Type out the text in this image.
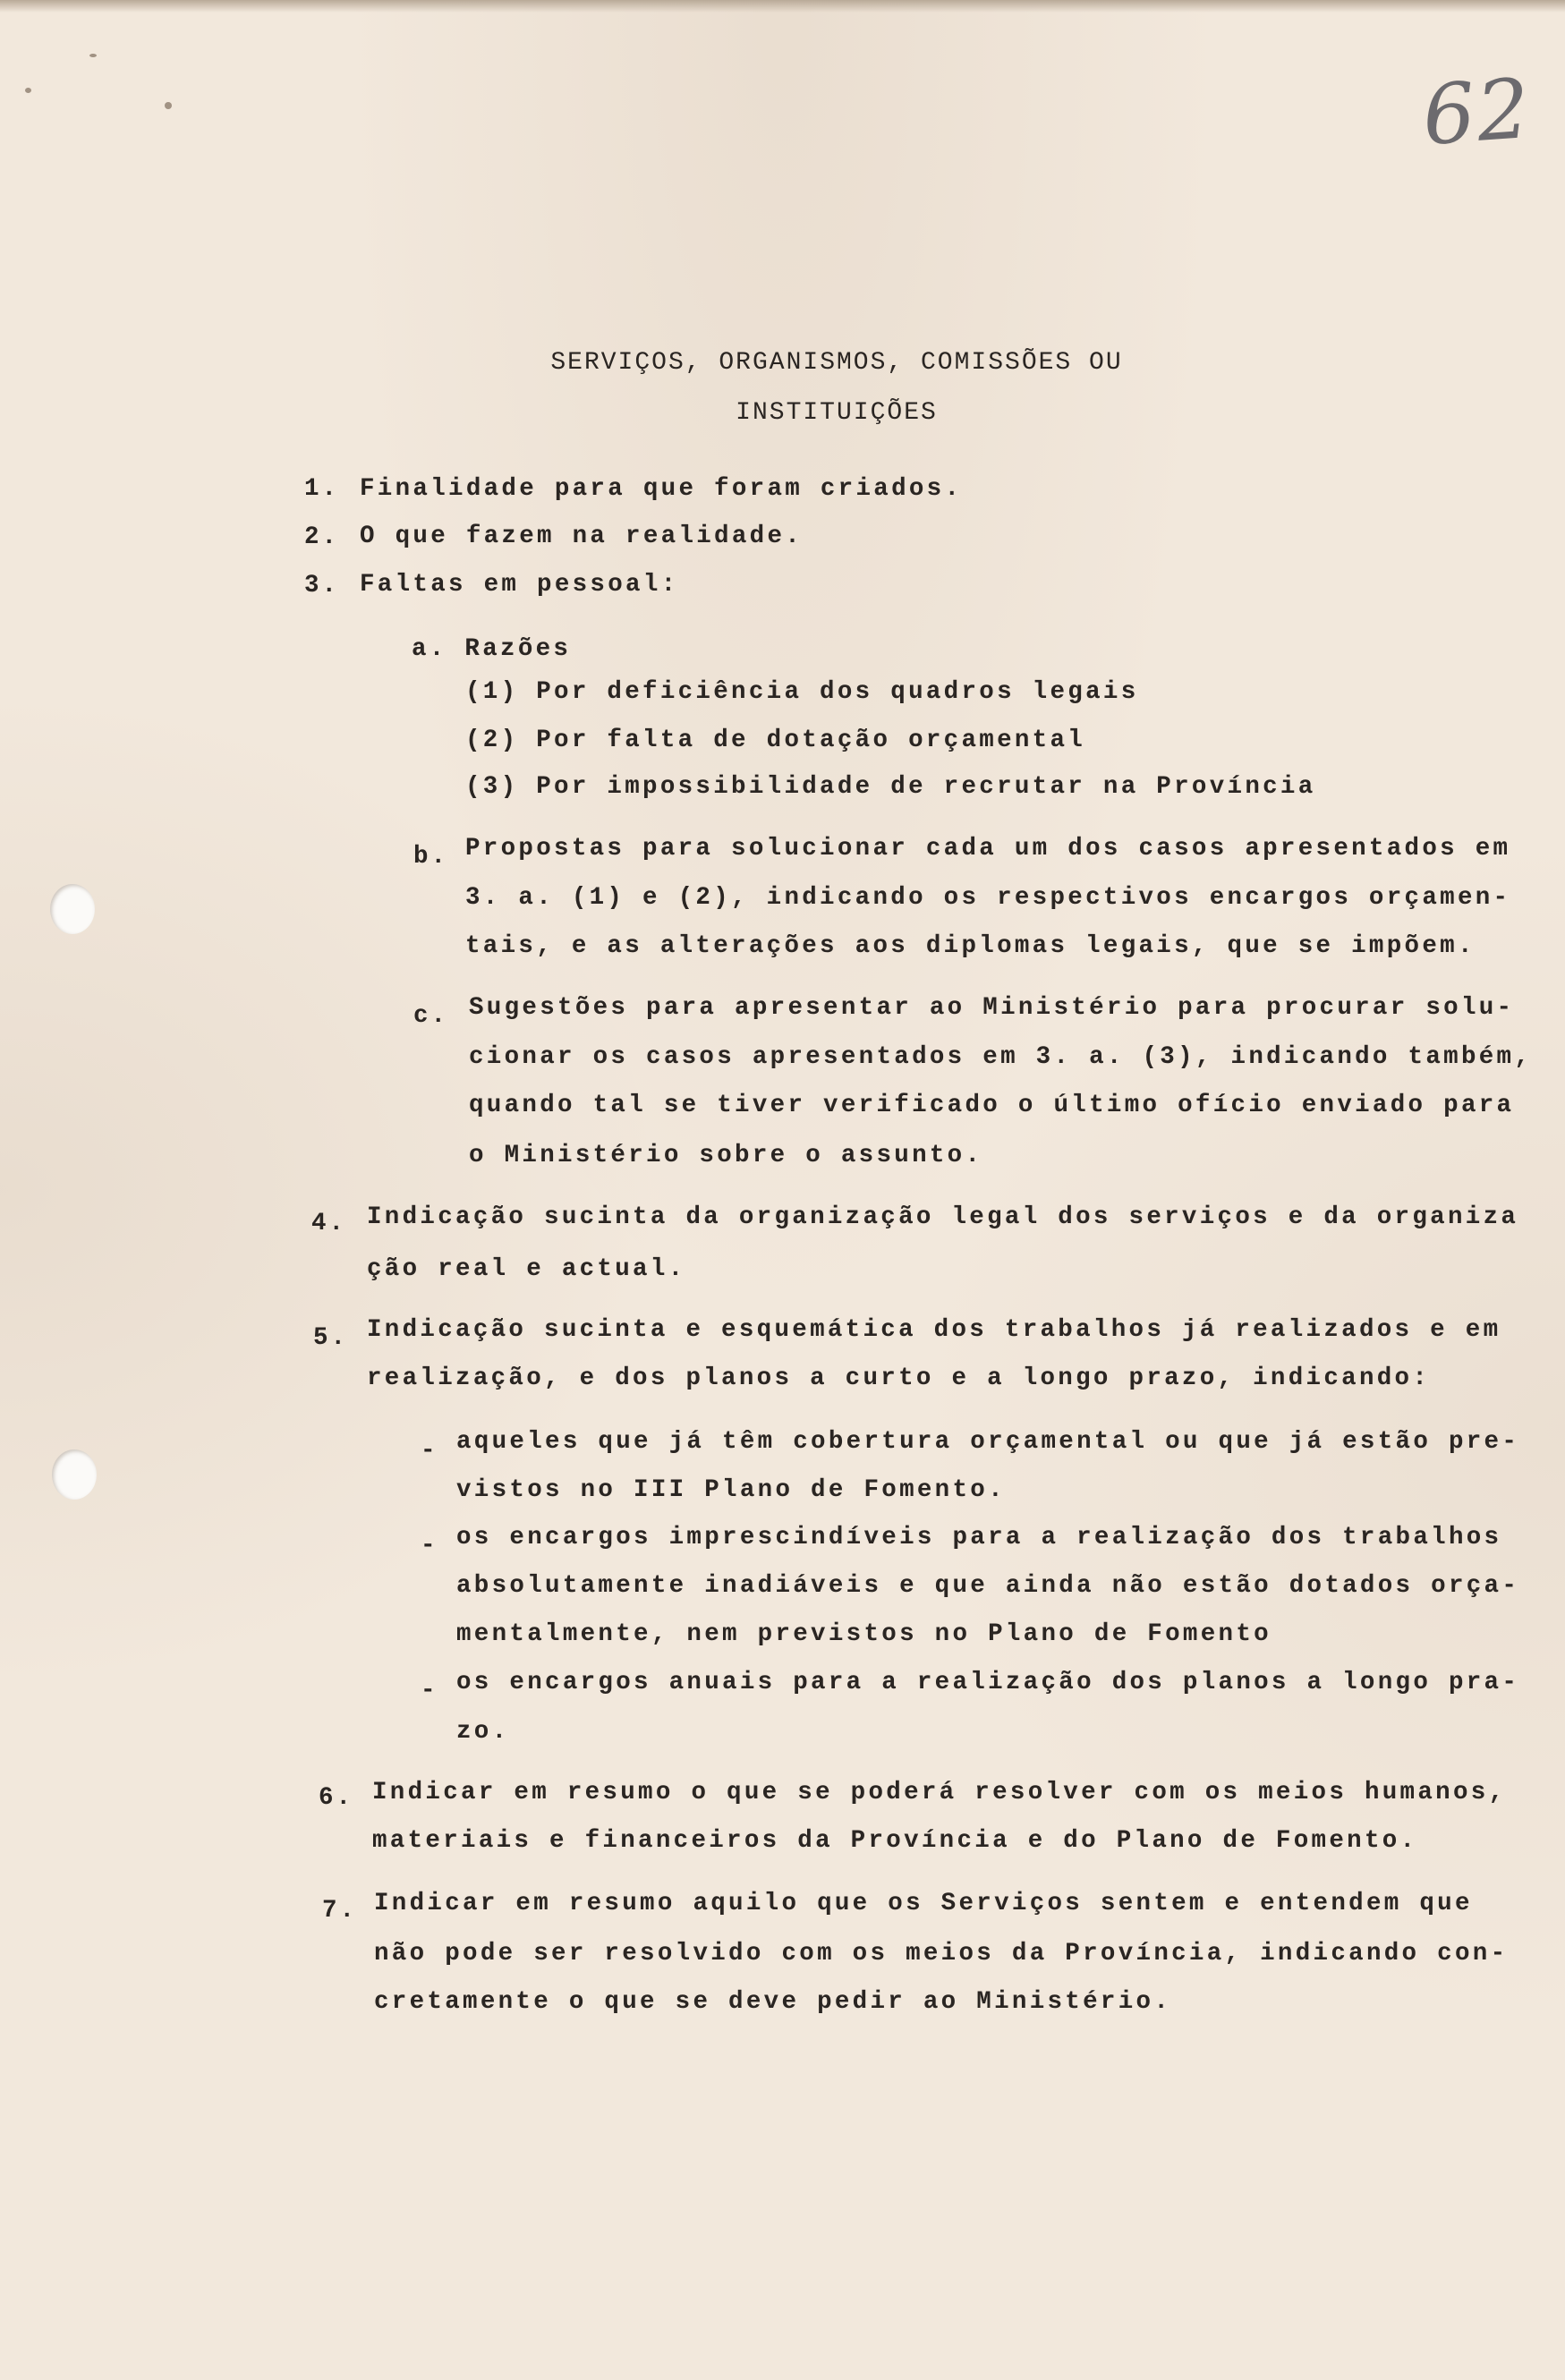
62
SERVIÇOS, ORGANISMOS, COMISSÕES OU
INSTITUIÇÕES
1. Finalidade para que foram criados.
2. O que fazem na realidade.
3. Faltas em pessoal:
a. Razões
(1) Por deficiência dos quadros legais
(2) Por falta de dotação orçamental
(3) Por impossibilidade de recrutar na Província
b. Propostas para solucionar cada um dos casos apresentados em
3. a. (1) e (2), indicando os respectivos encargos orçamen-
tais, e as alterações aos diplomas legais, que se impõem.
c. Sugestões para apresentar ao Ministério para procurar solu-
cionar os casos apresentados em 3. a. (3), indicando também,
quando tal se tiver verificado o último ofício enviado para
o Ministério sobre o assunto.
4. Indicação sucinta da organização legal dos serviços e da organiza
ção real e actual.
5. Indicação sucinta e esquemática dos trabalhos já realizados e em
realização, e dos planos a curto e a longo prazo, indicando:
- aqueles que já têm cobertura orçamental ou que já estão pre-
vistos no III Plano de Fomento.
- os encargos imprescindíveis para a realização dos trabalhos
absolutamente inadiáveis e que ainda não estão dotados orça-
mentalmente, nem previstos no Plano de Fomento
- os encargos anuais para a realização dos planos a longo pra-
zo.
6. Indicar em resumo o que se poderá resolver com os meios humanos,
materiais e financeiros da Província e do Plano de Fomento.
7. Indicar em resumo aquilo que os Serviços sentem e entendem que
não pode ser resolvido com os meios da Província, indicando con-
cretamente o que se deve pedir ao Ministério.
